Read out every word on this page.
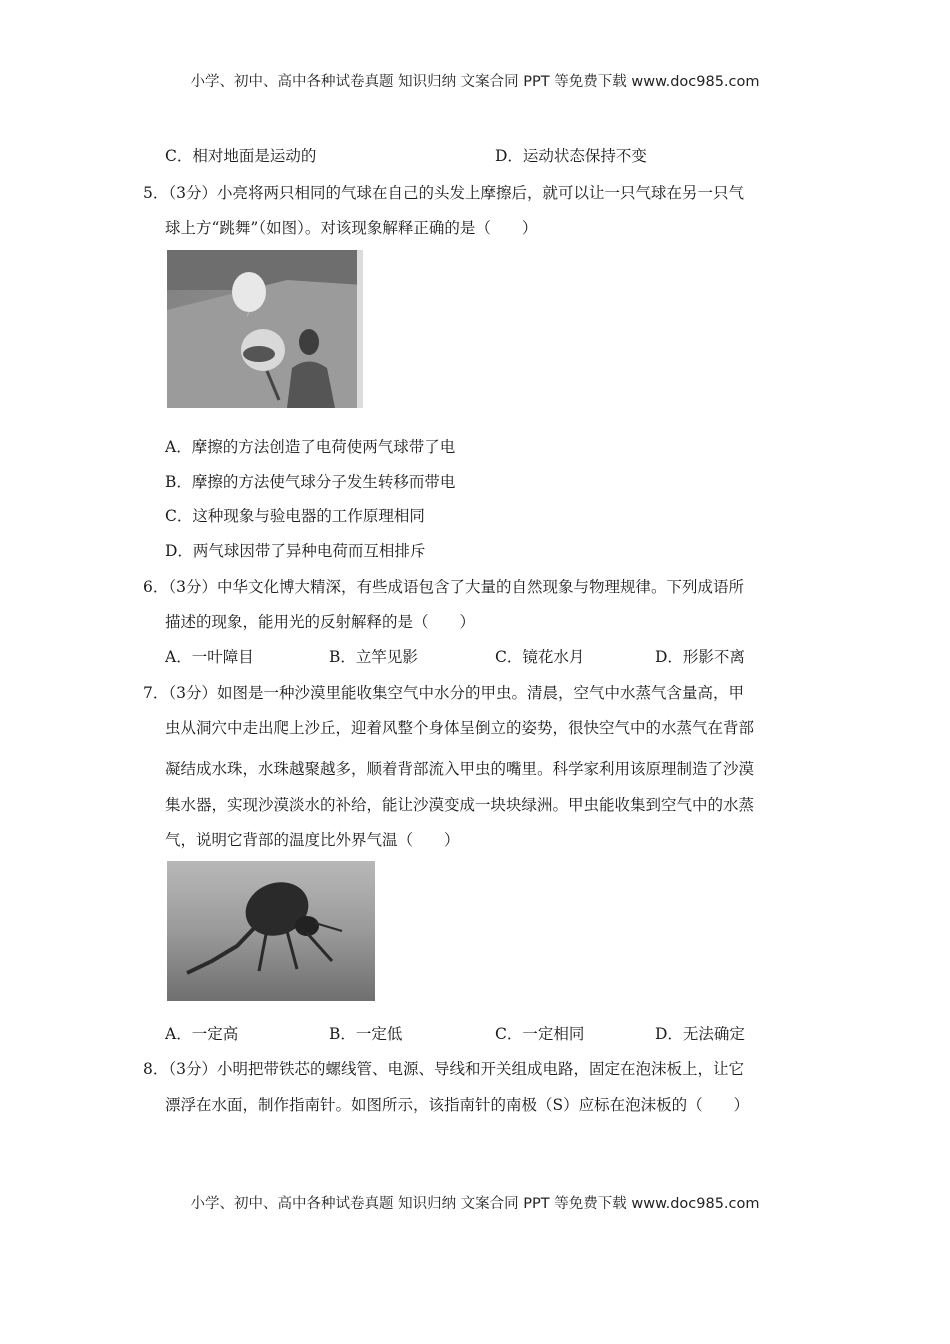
小学、初中、高中各种试卷真题 知识归纳 文案合同 PPT 等免费下载 www.doc985.com
C．相对地面是运动的	D．运动状态保持不变
5．（3分）小亮将两只相同的气球在自己的头发上摩擦后，就可以让一只气球在另一只气
球上方“跳舞”（如图）。对该现象解释正确的是（　　）
A．摩擦的方法创造了电荷使两气球带了电
B．摩擦的方法使气球分子发生转移而带电
C．这种现象与验电器的工作原理相同
D．两气球因带了异种电荷而互相排斥
6．（3分）中华文化博大精深，有些成语包含了大量的自然现象与物理规律。下列成语所
描述的现象，能用光的反射解释的是（　　）
A．一叶障目	B．立竿见影	C．镜花水月	D．形影不离
7．（3分）如图是一种沙漠里能收集空气中水分的甲虫。清晨，空气中水蒸气含量高，甲
虫从洞穴中走出爬上沙丘，迎着风整个身体呈倒立的姿势，很快空气中的水蒸气在背部
凝结成水珠，水珠越聚越多，顺着背部流入甲虫的嘴里。科学家利用该原理制造了沙漠
集水器，实现沙漠淡水的补给，能让沙漠变成一块块绿洲。甲虫能收集到空气中的水蒸
气，说明它背部的温度比外界气温（　　）
A．一定高	B．一定低	C．一定相同	D．无法确定
8．（3分）小明把带铁芯的螺线管、电源、导线和开关组成电路，固定在泡沫板上，让它
漂浮在水面，制作指南针。如图所示，该指南针的南极（S）应标在泡沫板的（　　）
小学、初中、高中各种试卷真题 知识归纳 文案合同 PPT 等免费下载 www.doc985.com
